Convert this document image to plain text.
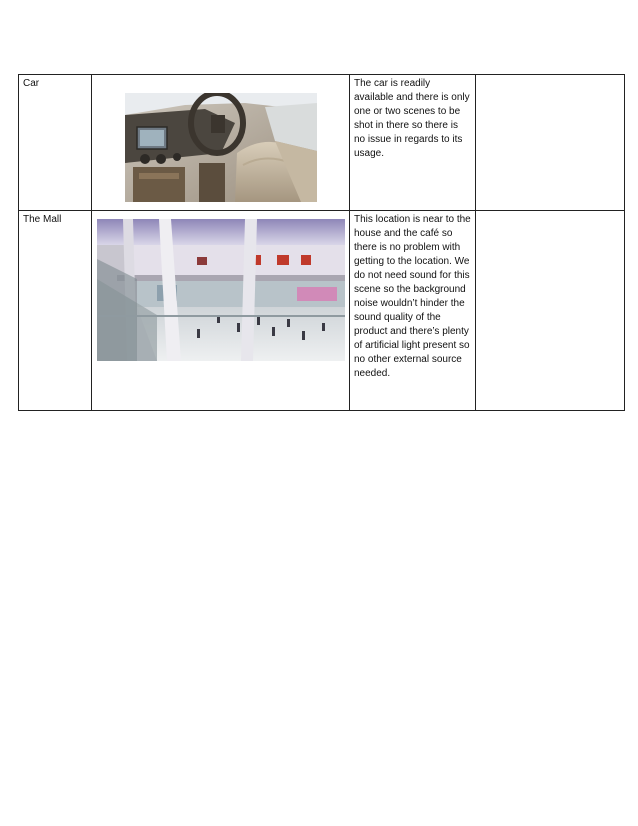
Car		The car is readily available and there is only one or two scenes to be shot in there so there is no issue in regards to its usage.	
The Mall		This location is near to the house and the café so there is no problem with getting to the location. We do not need sound for this scene so the background noise wouldn’t hinder the sound quality of the product and there’s plenty of artificial light present so no other external source needed.	
